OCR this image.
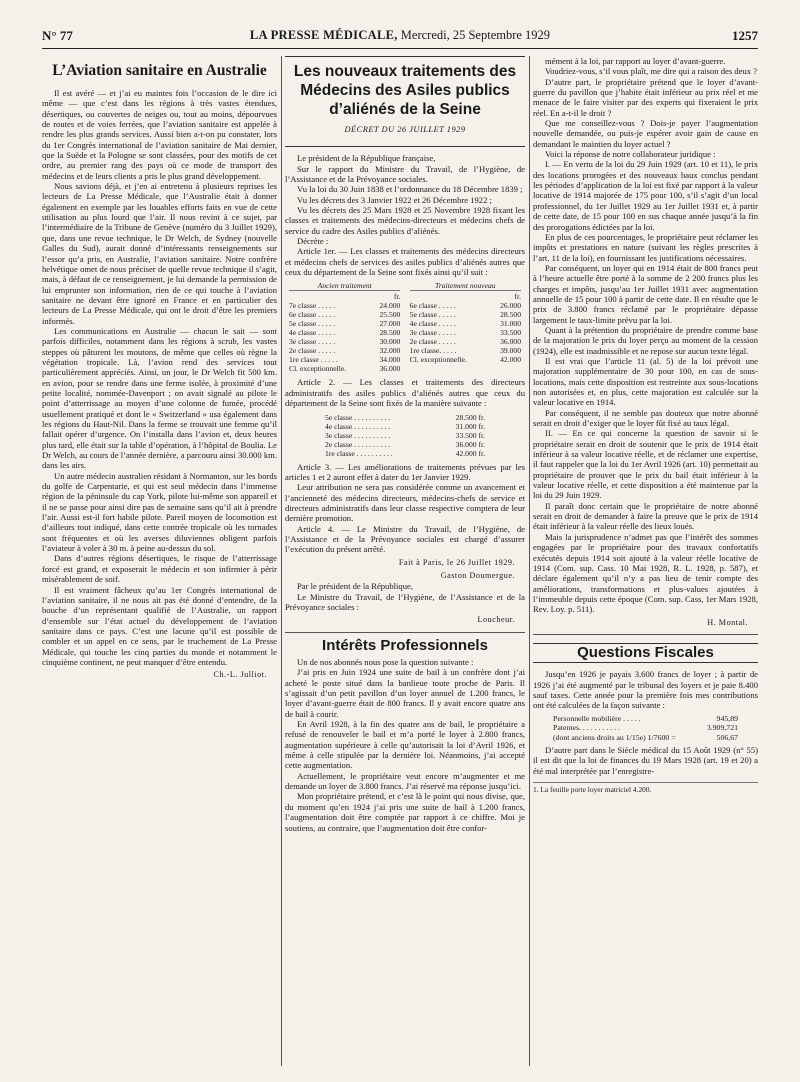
N° 77	LA PRESSE MÉDICALE, Mercredi, 25 Septembre 1929	1257
L’Aviation sanitaire en Australie

Il est avéré — et j’ai eu maintes fois l’occasion de le dire ici même — que c’est dans les régions à très vastes étendues, désertiques, ou couvertes de neiges ou, tout au moins, dépourvues de routes et de voies ferrées, que l’aviation sanitaire est appelée à rendre les plus grands services. Aussi bien a-t-on pu constater, lors du 1er Congrès international de l’aviation sanitaire de Mai dernier, que la Suède et la Pologne se sont classées, pour des motifs de cet ordre, au premier rang des pays où ce mode de transport des médecins et de leurs clients a pris le plus grand développement.

Nous savions déjà, et j’en ai entretenu à plusieurs reprises les lecteurs de La Presse Médicale, que l’Australie était à donner également en exemple par les louables efforts faits en vue de cette utilisation au plus lourd que l’air. Il nous revint à ce sujet, par l’intermédiaire de la Tribune de Genève (numéro du 3 Juillet 1929), que, dans une revue technique, le Dr Welch, de Sydney (nouvelle Galles du Sud), aurait donné d’intéressants renseignements sur l’essor qu’a pris, en Australie, l’aviation sanitaire. Notre confrère helvétique omet de nous préciser de quelle revue technique il s’agit, mais, à défaut de ce renseignement, je lui demande la permission de lui emprunter son information, rien de ce qui touche à l’aviation sanitaire ne devant être ignoré en France et en particulier des lecteurs de La Presse Médicale, qui ont le droit d’être les premiers informés.

Les communications en Australie — chacun le sait — sont parfois difficiles, notamment dans les régions à scrub, les vastes steppes où pâturent les moutons, de même que celles où règne la végétation tropicale. Là, l’avion rend des services tout particulièrement appréciés. Ainsi, un jour, le Dr Welch fit 500 km. en avion, pour se rendre dans une ferme isolée, à proximité d’une petite localité, nommée-Davenport ; on avait signalé au pilote le point d’atterrissage au moyen d’une colonne de fumée, procédé usuellement pratiqué et dont le « Switzerland » usa également dans les régions du Haut-Nil. Dans la ferme se trouvait une femme qu’il fallait opérer d’urgence. On l’installa dans l’avion et, deux heures plus tard, elle était sur la table d’opération, à l’hôpital de Boulia. Le Dr Welch, au cours de l’année dernière, a parcouru ainsi 30.000 km. dans les airs.

Un autre médecin australien résidant à Normanton, sur les bords du golfe de Carpentarie, et qui est seul médecin dans l’immense région de la péninsule du cap York, pilote lui-même son appareil et il ne se passe pour ainsi dire pas de semaine sans qu’il ait à prendre l’air. Aussi est-il fort habile pilote. Pareil moyen de locomotion est d’ailleurs tout indiqué, dans cette contrée tropicale où les tornades sont fréquentes et où les averses diluviennes obligent parfois l’aviateur à voler à 30 m. à peine au-dessus du sol.

Dans d’autres régions désertiques, le risque de l’atterrissage forcé est grand, et exposerait le médecin et son infirmier à périr misérablement de soif.

Il est vraiment fâcheux qu’au 1er Congrès international de l’aviation sanitaire, il ne nous ait pas été donné d’entendre, de la bouche d’un représentant qualifié de l’Australie, un rapport d’ensemble sur l’état actuel du développement de l’aviation sanitaire dans ce pays. C’est une lacune qu’il est possible de combler et un appel en ce sens, par le truchement de La Presse Médicale, qui touche les cinq parties du monde et notamment le cinquième continent, ne peut manquer d’être entendu.

Ch.-L. Julliot.
Les nouveaux traitements des Médecins des Asiles publics d’aliénés de la Seine
DÉCRET DU 26 JUILLET 1929

Le président de la République française,

Sur le rapport du Ministre du Travail, de l’Hygiène, de l’Assistance et de la Prévoyance sociales.

Vu la loi du 30 Juin 1838 et l’ordonnance du 18 Décembre 1839 ;

Vu les décrets des 3 Janvier 1922 et 26 Décembre 1922 ;

Vu les décrets des 25 Mars 1928 et 25 Novembre 1928 fixant les classes et traitements des médecins-directeurs et médecins chefs de service du cadre des Asiles publics d’aliénés.

Décrète :

Article 1er. — Les classes et traitements des médecins directeurs et médecins chefs de services des asiles publics d’aliénés autres que ceux du département de la Seine sont fixés ainsi qu’il suit :

Ancien traitement
fr.
7e classe . . . . .	24.000
6e classe . . . . .	25.500
5e classe . . . . .	27.000
4e classe . . . . .	28.500
3e classe . . . . .	30.000
2e classe . . . . .	32.000
1re classe . . . . .	34.000
Cl. exceptionnelle.	36.000
Traitement nouveau
fr.
6e classe . . . . .	26.000
5e classe . . . . .	28.500
4e classe . . . . .	31.000
3e classe . . . . .	33.500
2e classe . . . . .	36.000
1re classe. . . . .	39.000
Cl. exceptionnelle.	42.000

Article 2. — Les classes et traitements des directeurs administratifs des asiles publics d’aliénés autres que ceux du département de la Seine sont fixés de la manière suivante :

5e classe . . . . . . . . . .	28.500 fr.
4e classe . . . . . . . . . .	31.000 fr.
3e classe . . . . . . . . . .	33.500 fr.
2e classe . . . . . . . . . .	36.000 fr.
1re classe . . . . . . . . . .	42.000 fr.

Article 3. — Les améliorations de traitements prévues par les articles 1 et 2 auront effet à dater du 1er Janvier 1929.

Leur attribution ne sera pas considérée comme un avancement et l’ancienneté des médecins directeurs, médecins-chefs de service et directeurs administratifs dans leur classe respective comptera de leur dernière promotion.

Article 4. — Le Ministre du Travail, de l’Hygiène, de l’Assistance et de la Prévoyance sociales est chargé d’assurer l’exécution du présent arrêté.

Fait à Paris, le 26 Juillet 1929.
Gaston Doumergue.

Par le président de la République,

Le Ministre du Travail, de l’Hygiène, de l’Assistance et de la Prévoyance sociales :

Loucheur.
Intérêts Professionnels

Un de nos abonnés nous pose la question suivante :

J’ai pris en Juin 1924 une suite de bail à un confrère dont j’ai acheté le poste situé dans la banlieue toute proche de Paris. Il s’agissait d’un petit pavillon d’un loyer annuel de 1.200 francs, le loyer d’avant-guerre était de 800 francs. Il y avait encore quatre ans de bail à courir.

En Avril 1928, à la fin des quatre ans de bail, le propriétaire a refusé de renouveler le bail et m’a porté le loyer à 2.800 francs, augmentation supérieure à celle qu’autorisait la loi d’Avril 1926, et même à celle stipulée par la dernière loi. Néanmoins, j’ai accepté cette augmentation.

Actuellement, le propriétaire veut encore m’augmenter et me demande un loyer de 3.800 francs. J’ai réservé ma réponse jusqu’ici.

Mon propriétaire prétend, et c’est là le point qui nous divise, que, du moment qu’en 1924 j’ai pris une suite de bail à 1.200 francs, l’augmentation doit être comptée par rapport à ce chiffre. Moi je soutiens, au contraire, que l’augmentation doit être confor-

mément à la loi, par rapport au loyer d’avant-guerre.

Voudriez-vous, s’il vous plaît, me dire qui a raison des deux ?

D’autre part, le propriétaire prétend que le loyer d’avant-guerre du pavillon que j’habite était inférieur au prix réel et me menace de le faire visiter par des experts qui fixeraient le prix réel. En a-t-il le droit ?

Que me conseillez-vous ? Dois-je payer l’augmentation nouvelle demandée, ou puis-je espérer avoir gain de cause en demandant le maintien du loyer actuel ?

Voici la réponse de notre collaborateur juridique :

I. — En vertu de la loi du 29 Juin 1929 (art. 10 et 11), le prix des locations prorogées et des nouveaux baux conclus pendant les périodes d’application de la loi est fixé par rapport à la valeur locative de 1914 majorée de 175 pour 100, s’il s’agit d’un local professionnel, du 1er Juillet 1929 au 1er Juillet 1931 et, à partir de cette date, de 15 pour 100 en sus chaque année jusqu’à la fin des prorogations édictées par la loi.

En plus de ces pourcentages, le propriétaire peut réclamer les impôts et prestations en nature (suivant les règles prescrites à l’art. 11 de la loi), en fournissant les justifications nécessaires.

Par conséquent, un loyer qui en 1914 était de 800 francs peut à l’heure actuelle être porté à la somme de 2 200 francs plus les charges et impôts, jusqu’au 1er Juillet 1931 avec augmentation annuelle de 15 pour 100 à partir de cette date. Il en résulte que le prix de 3.800 francs réclamé par le propriétaire dépasse largement le taux-limite prévu par la loi.

Quant à la prétention du propriétaire de prendre comme base de la majoration le prix du loyer perçu au moment de la cession (1924), elle est inadmissible et ne repose sur aucun texte légal.

Il est vrai que l’article 11 (al. 5) de la loi prévoit une majoration supplémentaire de 30 pour 100, en cas de sous-locations, mais cette disposition est restreinte aux sous-locations non autorisées et, en plus, cette majoration est calculée sur la valeur locative en 1914.

Par conséquent, il ne semble pas douteux que notre abonné serait en droit d’exiger que le loyer fût fixé au taux légal.

II. — En ce qui concerne la question de savoir si le propriétaire serait en droit de soutenir que le prix de 1914 était inférieur à sa valeur locative réelle, et de réclamer une expertise, il faut rappeler que la loi du 1er Avril 1926 (art. 10) permettait au propriétaire de prouver que le prix du bail était inférieur à la valeur locative réelle, et cette disposition a été maintenue par la loi du 29 Juin 1929.

Il paraît donc certain que le propriétaire de notre abonné serait en droit de demander à faire la preuve que le prix de 1914 était inférieur à la valeur réelle des lieux loués.

Mais la jurisprudence n’admet pas que l’intérêt des sommes engagées par le propriétaire pour des travaux confortatifs exécutés depuis 1914 soit ajouté à la valeur réelle locative de 1914 (Com. sup. Cass. 10 Mai 1928, R. L. 1928, p. 587), et déclare également qu’il n’y a pas lieu de tenir compte des améliorations, transformations et plus-values ajoutées à l’immeuble depuis cette époque (Com. sup. Cass, 1er Mars 1928, Rev. Loy. p. 511).

H. Montal.
Questions Fiscales

Jusqu’en 1926 je payais 3.600 francs de loyer ; à partir de 1926 j’ai été augmenté par le tribunal des loyers et je paie 8.400 sauf taxes. Cette année pour la première fois mes contributions ont été calculées de la façon suivante :

Personnelle mobilière . . . . .	945,89
Patentes. . . . . . . . . . .	3.909,721
(dont anciens droits au 1/15e) 1/7600 =	506,67

D’autre part dans le Siècle médical du 15 Août 1929 (n° 55) il est dit que la loi de finances du 19 Mars 1928 (art. 19 et 20) a été mal interprétée par l’enregistre-

1. La feuille porte loyer matriciel 4.200.
